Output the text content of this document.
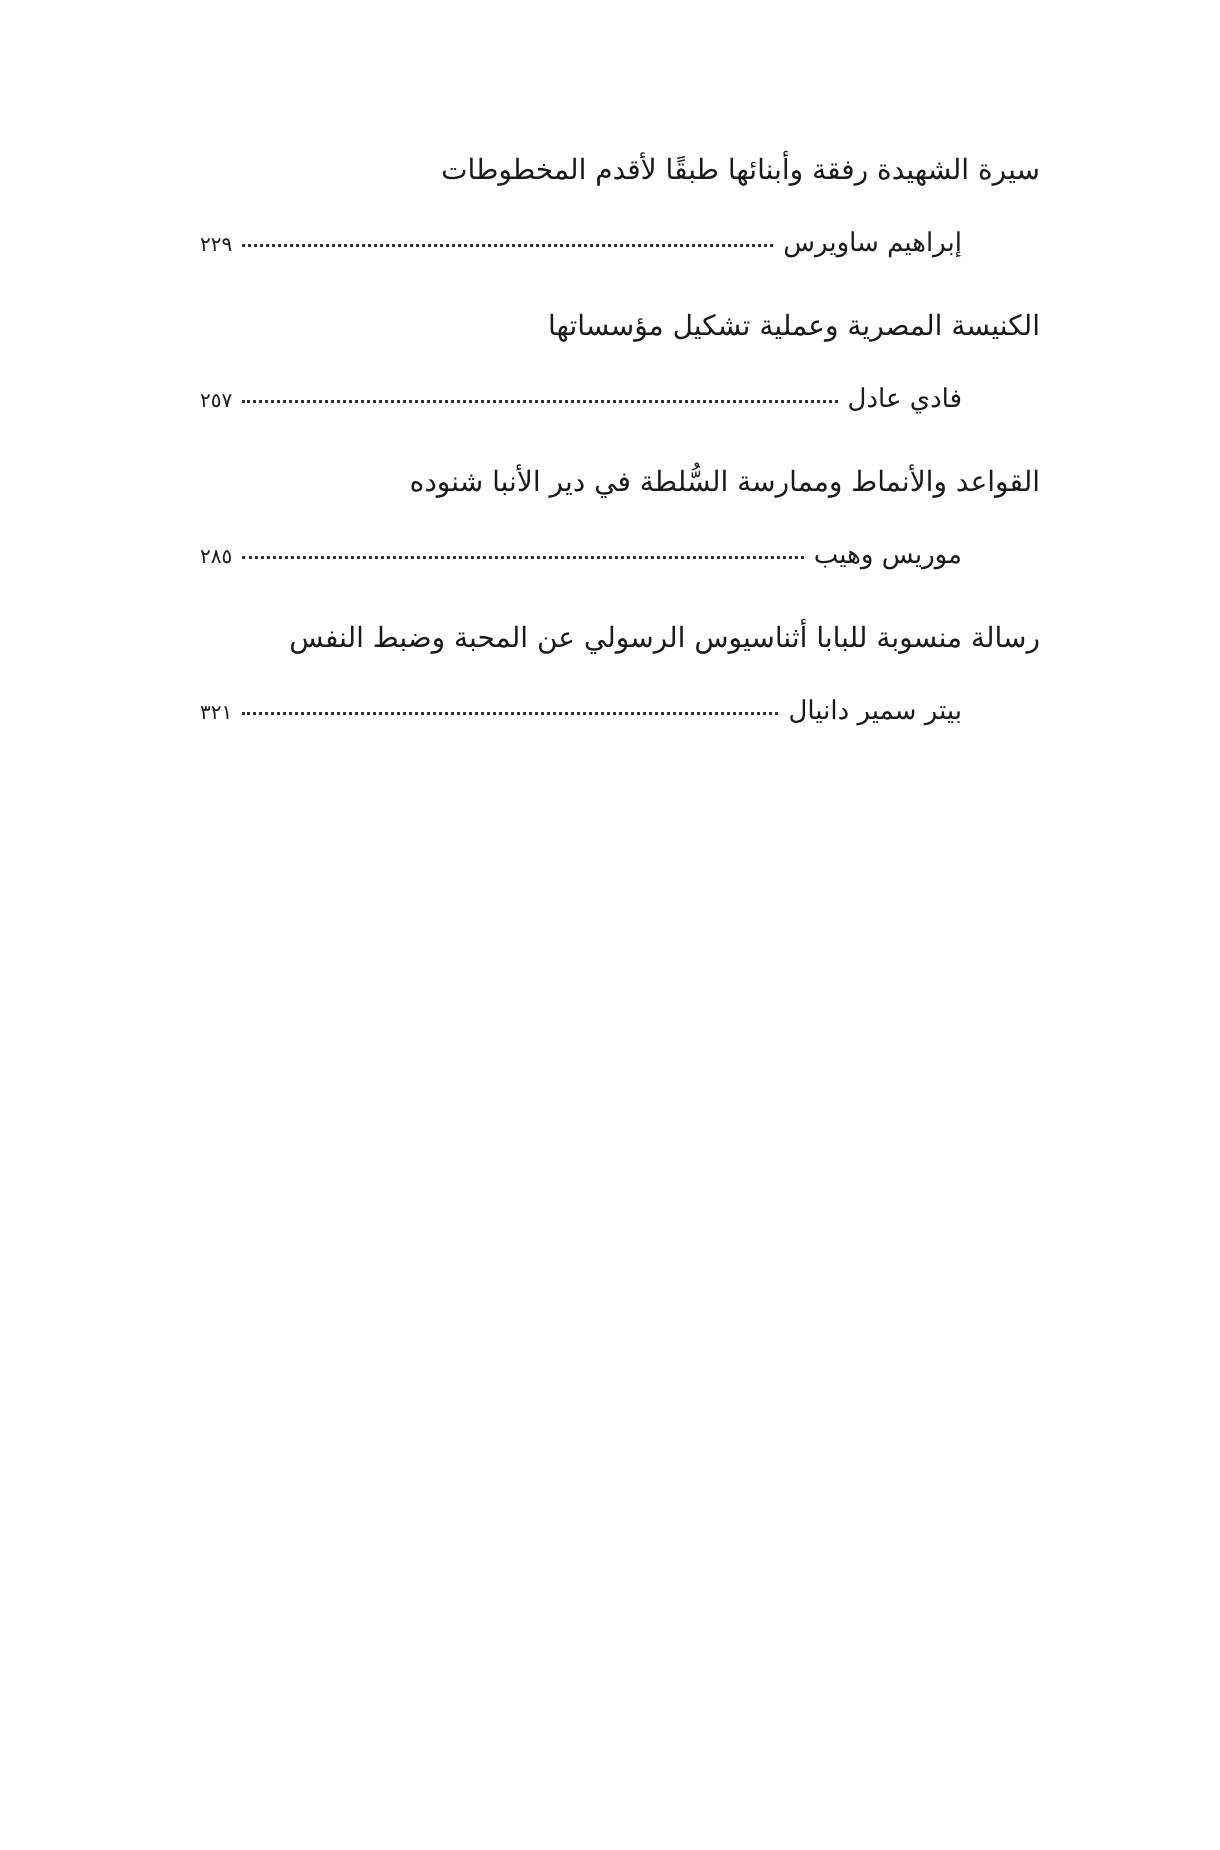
سيرة الشهيدة رفقة وأبنائها طبقًا لأقدم المخطوطات
إبراهيم ساويرس
٢٢٩
الكنيسة المصرية وعملية تشكيل مؤسساتها
فادي عادل
٢٥٧
القواعد والأنماط وممارسة السُّلطة في دير الأنبا شنوده
موريس وهيب
٢٨٥
رسالة منسوبة للبابا أثناسيوس الرسولي عن المحبة وضبط النفس
بيتر سمير دانيال
٣٢١
